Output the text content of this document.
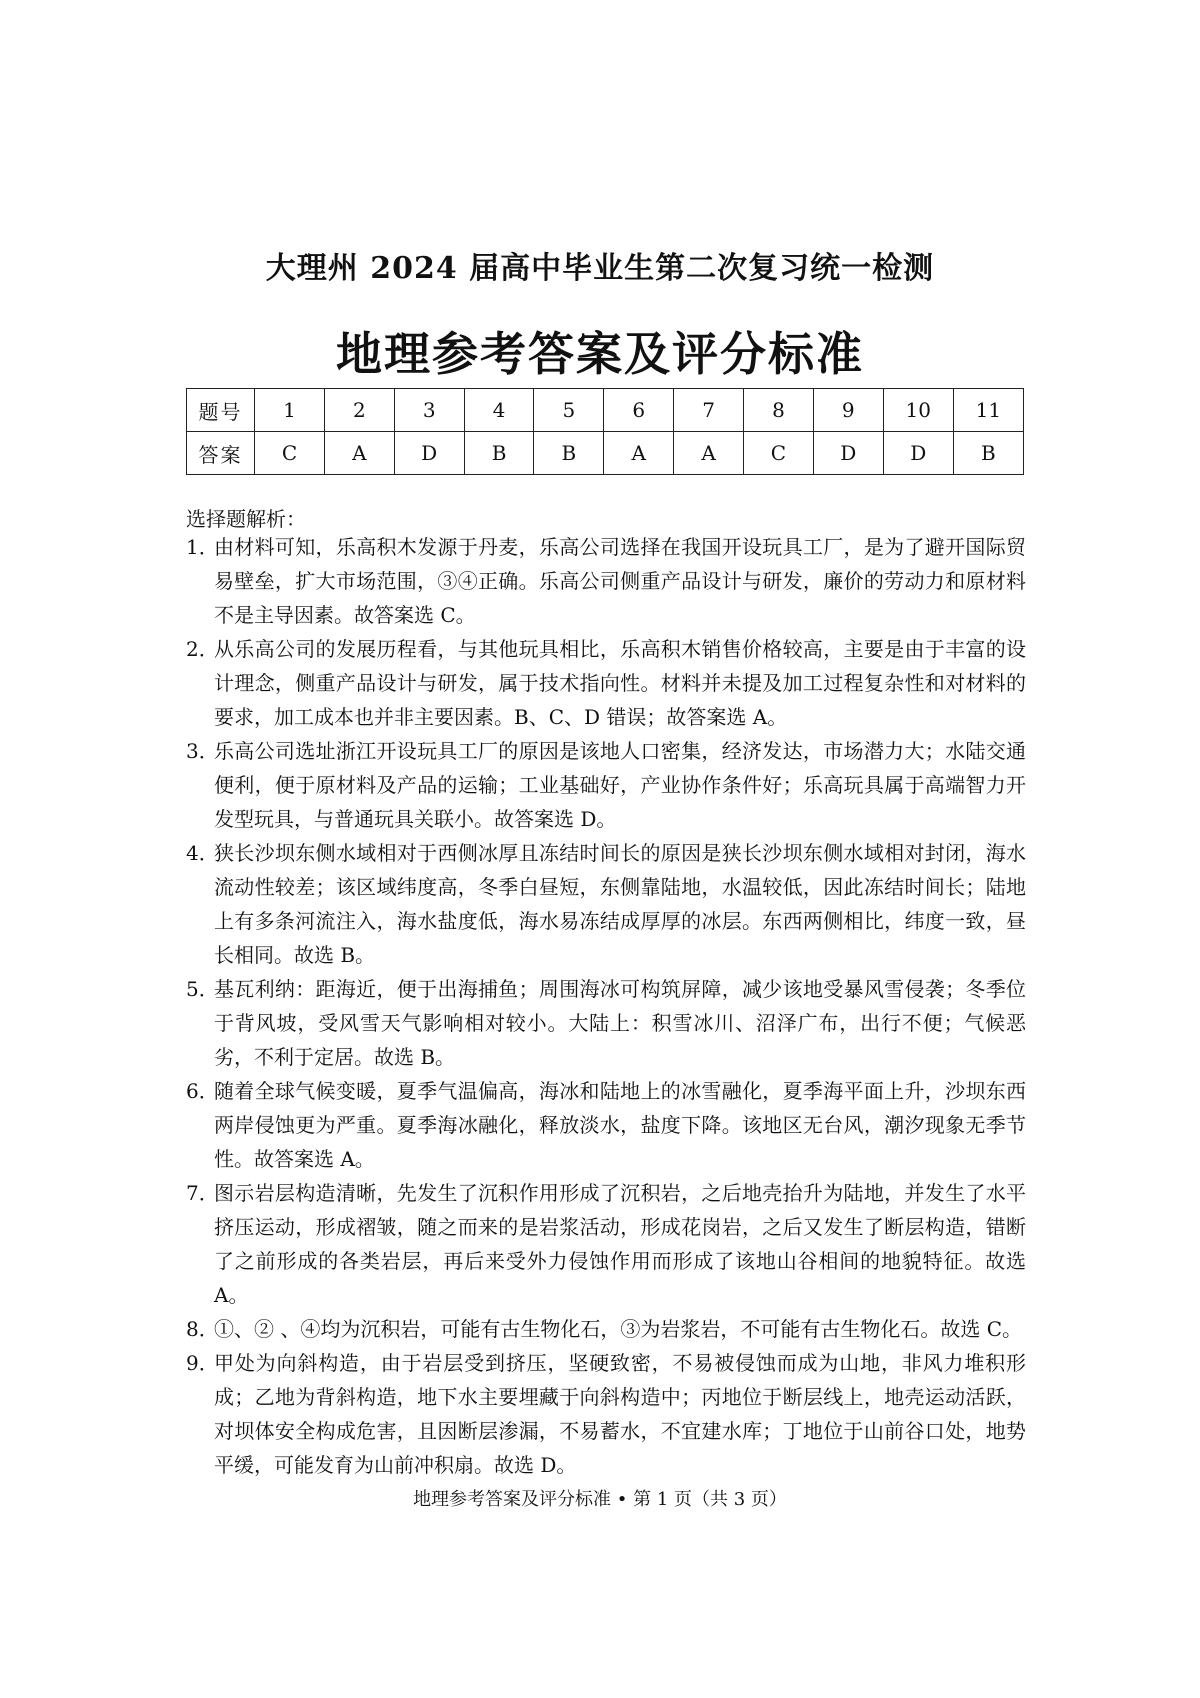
大理州 2024 届高中毕业生第二次复习统一检测
地理参考答案及评分标准
题号	1	2	3	4	5	6	7	8	9	10	11
答案	C	A	D	B	B	A	A	C	D	D	B
选择题解析：
1．
由材料可知，乐高积木发源于丹麦，乐高公司选择在我国开设玩具工厂，是为了避开国际贸易壁垒，扩大市场范围，③④正确。乐高公司侧重产品设计与研发，廉价的劳动力和原材料不是主导因素。故答案选 C。
2．
从乐高公司的发展历程看，与其他玩具相比，乐高积木销售价格较高，主要是由于丰富的设计理念，侧重产品设计与研发，属于技术指向性。材料并未提及加工过程复杂性和对材料的要求，加工成本也并非主要因素。B、C、D 错误；故答案选 A。
3．
乐高公司选址浙江开设玩具工厂的原因是该地人口密集，经济发达，市场潜力大；水陆交通便利，便于原材料及产品的运输；工业基础好，产业协作条件好；乐高玩具属于高端智力开发型玩具，与普通玩具关联小。故答案选 D。
4．
狭长沙坝东侧水域相对于西侧冰厚且冻结时间长的原因是狭长沙坝东侧水域相对封闭，海水流动性较差；该区域纬度高，冬季白昼短，东侧靠陆地，水温较低，因此冻结时间长；陆地上有多条河流注入，海水盐度低，海水易冻结成厚厚的冰层。东西两侧相比，纬度一致，昼长相同。故选 B。
5．
基瓦利纳：距海近，便于出海捕鱼；周围海冰可构筑屏障，减少该地受暴风雪侵袭；冬季位于背风坡，受风雪天气影响相对较小。大陆上：积雪冰川、沼泽广布，出行不便；气候恶劣，不利于定居。故选 B。
6．
随着全球气候变暖，夏季气温偏高，海冰和陆地上的冰雪融化，夏季海平面上升，沙坝东西两岸侵蚀更为严重。夏季海冰融化，释放淡水，盐度下降。该地区无台风，潮汐现象无季节性。故答案选 A。
7．
图示岩层构造清晰，先发生了沉积作用形成了沉积岩，之后地壳抬升为陆地，并发生了水平挤压运动，形成褶皱，随之而来的是岩浆活动，形成花岗岩，之后又发生了断层构造，错断了之前形成的各类岩层，再后来受外力侵蚀作用而形成了该地山谷相间的地貌特征。故选 A。
8．
①、② 、④均为沉积岩，可能有古生物化石，③为岩浆岩，不可能有古生物化石。故选 C。
9．
甲处为向斜构造，由于岩层受到挤压，坚硬致密，不易被侵蚀而成为山地，非风力堆积形成；乙地为背斜构造，地下水主要埋藏于向斜构造中；丙地位于断层线上，地壳运动活跃，对坝体安全构成危害，且因断层渗漏，不易蓄水，不宜建水库；丁地位于山前谷口处，地势平缓，可能发育为山前冲积扇。故选 D。
地理参考答案及评分标准 • 第 1 页（共 3 页）
